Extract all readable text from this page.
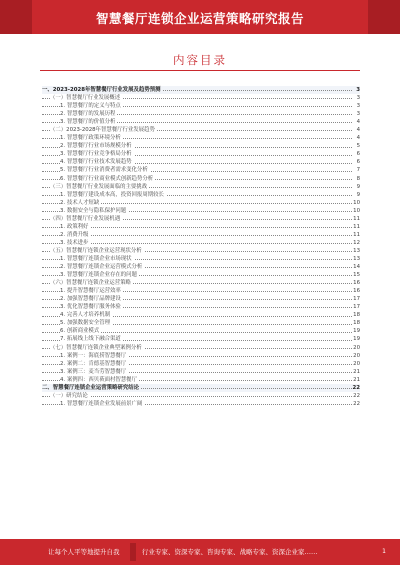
智慧餐厅连锁企业运营策略研究报告
内容目录
一、2023-2028年智慧餐厅行业发展及趋势预测	3
（一）智慧餐厅行业发展概述	3
1. 智慧餐厅的定义与特点	3
2. 智慧餐厅的发展历程	3
3. 智慧餐厅的价值分析	4
（二）2023-2028年智慧餐厅行业发展趋势	4
1. 智慧餐厅政策环境分析	4
2. 智慧餐厅行业市场规模分析	5
3. 智慧餐厅行业竞争格局分析	6
4. 智慧餐厅行业技术发展趋势	6
5. 智慧餐厅行业消费者需求变化分析	7
6. 智慧餐厅行业商业模式创新趋势分析	8
（三）智慧餐厅行业发展面临的主要挑战	9
1. 智慧餐厅建设成本高，投资回报周期较长	9
2. 技术人才短缺	10
3. 数据安全与隐私保护问题	10
（四）智慧餐厅行业发展机遇	11
1. 政策利好	11
2. 消费升级	11
3. 技术进步	12
（五）智慧餐厅连锁企业运营现状分析	13
1. 智慧餐厅连锁企业市场现状	13
2. 智慧餐厅连锁企业运营模式分析	14
3. 智慧餐厅连锁企业存在的问题	15
（六）智慧餐厅连锁企业运营策略	16
1. 提升智慧餐厅运营效率	16
2. 加强智慧餐厅品牌建设	17
3. 优化智慧餐厅服务体验	17
4. 完善人才培养机制	18
5. 加强数据安全管理	18
6. 创新商业模式	19
7. 拓展线上线下融合渠道	19
（七）智慧餐厅连锁企业典型案例分析	20
1. 案例一：海底捞智慧餐厅	20
2. 案例二：肯德基智慧餐厅	20
3. 案例三：麦当劳智慧餐厅	21
4. 案例四：西贝莜面村智慧餐厅	21
二、智慧餐厅连锁企业运营策略研究结论	22
（一）研究结论	22
1. 智慧餐厅连锁企业发展前景广阔	22
让每个人平等地提升自我	行业专家、资深专家、咨询专家、战略专家、资深企业家……	1
